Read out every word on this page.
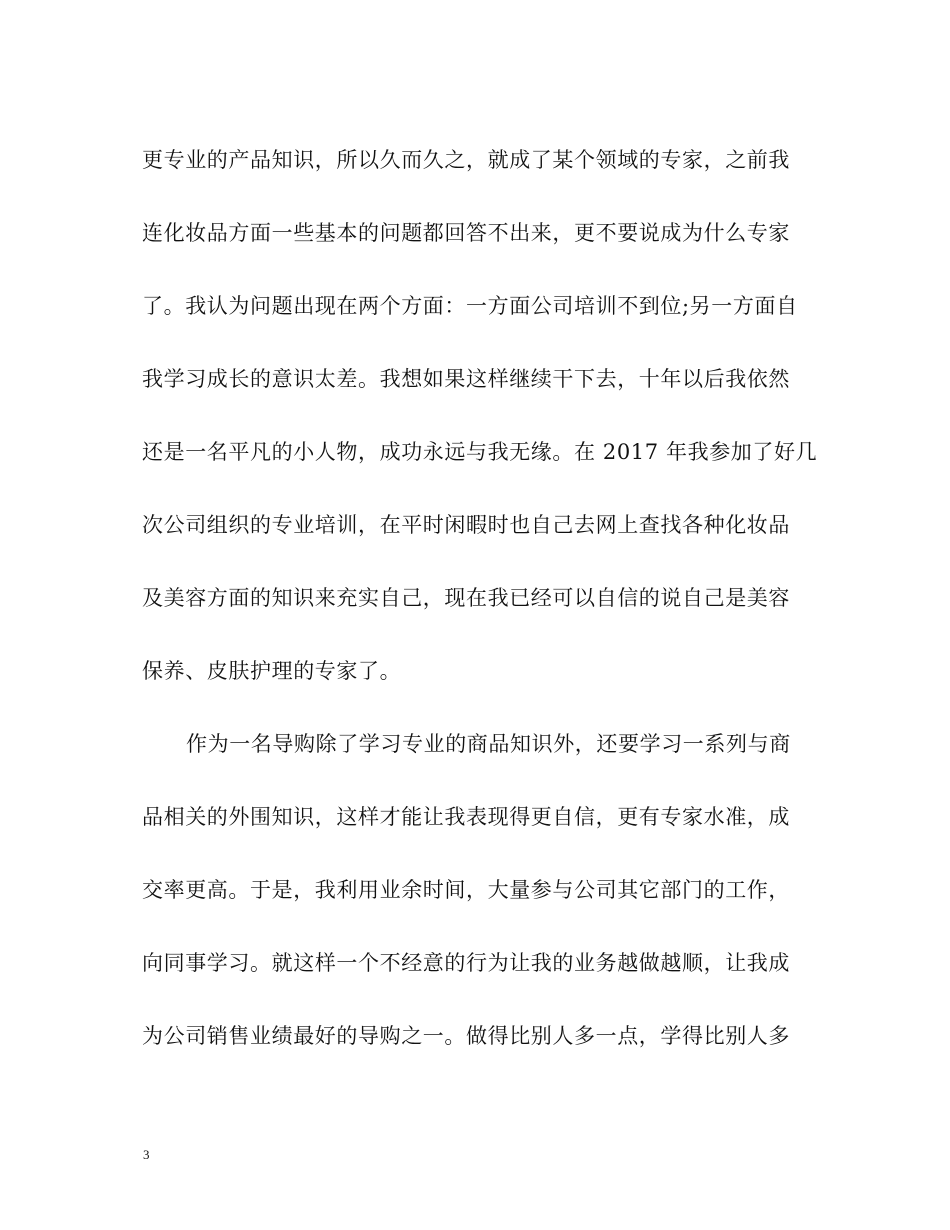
更专业的产品知识，所以久而久之，就成了某个领域的专家，之前我
连化妆品方面一些基本的问题都回答不出来，更不要说成为什么专家
了。我认为问题出现在两个方面：一方面公司培训不到位;另一方面自
我学习成长的意识太差。我想如果这样继续干下去，十年以后我依然
还是一名平凡的小人物，成功永远与我无缘。在 2017 年我参加了好几
次公司组织的专业培训，在平时闲暇时也自己去网上查找各种化妆品
及美容方面的知识来充实自己，现在我已经可以自信的说自己是美容
保养、皮肤护理的专家了。
作为一名导购除了学习专业的商品知识外，还要学习一系列与商
品相关的外围知识，这样才能让我表现得更自信，更有专家水准，成
交率更高。于是，我利用业余时间，大量参与公司其它部门的工作，
向同事学习。就这样一个不经意的行为让我的业务越做越顺，让我成
为公司销售业绩最好的导购之一。做得比别人多一点，学得比别人多
3
